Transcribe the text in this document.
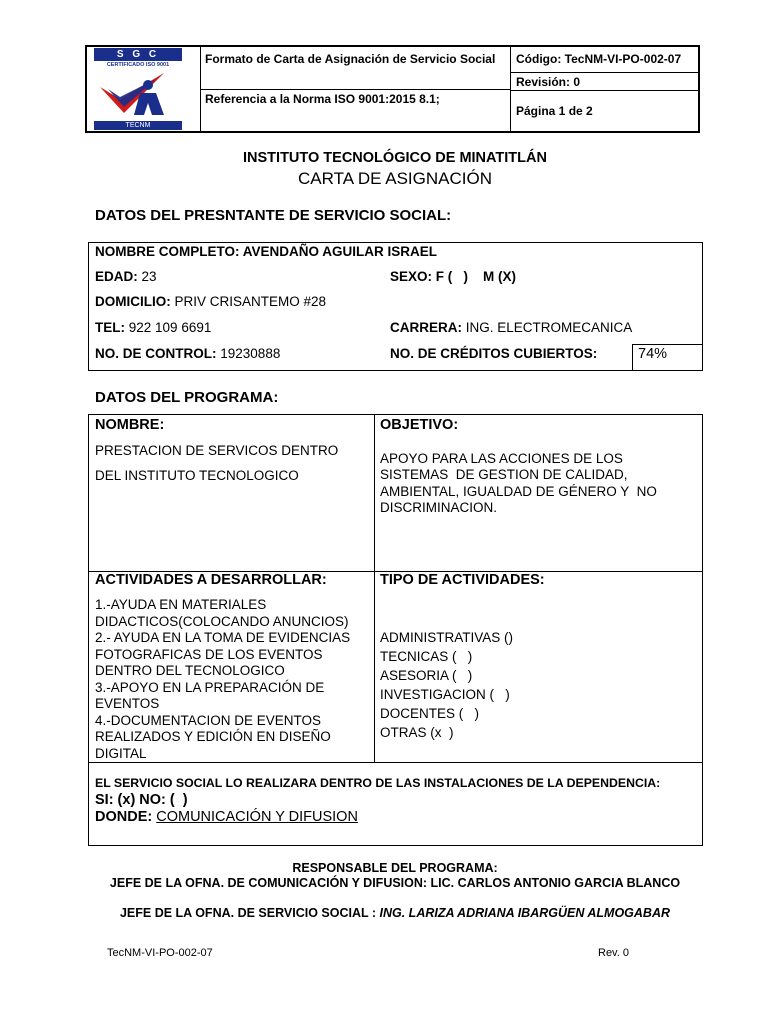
S G C
CERTIFICADO ISO 9001
TECNM
Formato de Carta de Asignación de Servicio Social
Referencia a la Norma ISO 9001:2015 8.1;
Código: TecNM-VI-PO-002-07
Revisión: 0
Página 1 de 2
INSTITUTO TECNOLÓGICO DE MINATITLÁN
CARTA DE ASIGNACIÓN
DATOS DEL PRESNTANTE DE SERVICIO SOCIAL:
NOMBRE COMPLETO: AVENDAÑO AGUILAR ISRAEL
EDAD: 23	SEXO: F (   )    M (X)
DOMICILIO: PRIV CRISANTEMO #28
TEL: 922 109 6691	CARRERA: ING. ELECTROMECANICA
NO. DE CONTROL: 19230888	NO. DE CRÉDITOS CUBIERTOS:	74%
DATOS DEL PROGRAMA:
NOMBRE:
PRESTACION DE SERVICOS DENTRO
DEL INSTITUTO TECNOLOGICO
OBJETIVO:

APOYO PARA LAS ACCIONES DE LOS
SISTEMAS  DE GESTION DE CALIDAD,
AMBIENTAL, IGUALDAD DE GÉNERO Y  NO
DISCRIMINACION.
ACTIVIDADES A DESARROLLAR:
1.-AYUDA EN MATERIALES
DIDACTICOS(COLOCANDO ANUNCIOS)
2.- AYUDA EN LA TOMA DE EVIDENCIAS
FOTOGRAFICAS DE LOS EVENTOS
DENTRO DEL TECNOLOGICO
3.-APOYO EN LA PREPARACIÓN DE
EVENTOS
4.-DOCUMENTACION DE EVENTOS
REALIZADOS Y EDICIÓN EN DISEÑO
DIGITAL
TIPO DE ACTIVIDADES:

ADMINISTRATIVAS ()
TECNICAS (   )
ASESORIA (   )
INVESTIGACION (   )
DOCENTES (   )
OTRAS (x  )
EL SERVICIO SOCIAL LO REALIZARA DENTRO DE LAS INSTALACIONES DE LA DEPENDENCIA:
SI: (x) NO: (  )
DONDE: COMUNICACIÓN Y DIFUSION
RESPONSABLE DEL PROGRAMA:
JEFE DE LA OFNA. DE COMUNICACIÓN Y DIFUSION: LIC. CARLOS ANTONIO GARCIA BLANCO
JEFE DE LA OFNA. DE SERVICIO SOCIAL : ING. LARIZA ADRIANA IBARGÜEN ALMOGABAR
TecNM-VI-PO-002-07	Rev. 0
